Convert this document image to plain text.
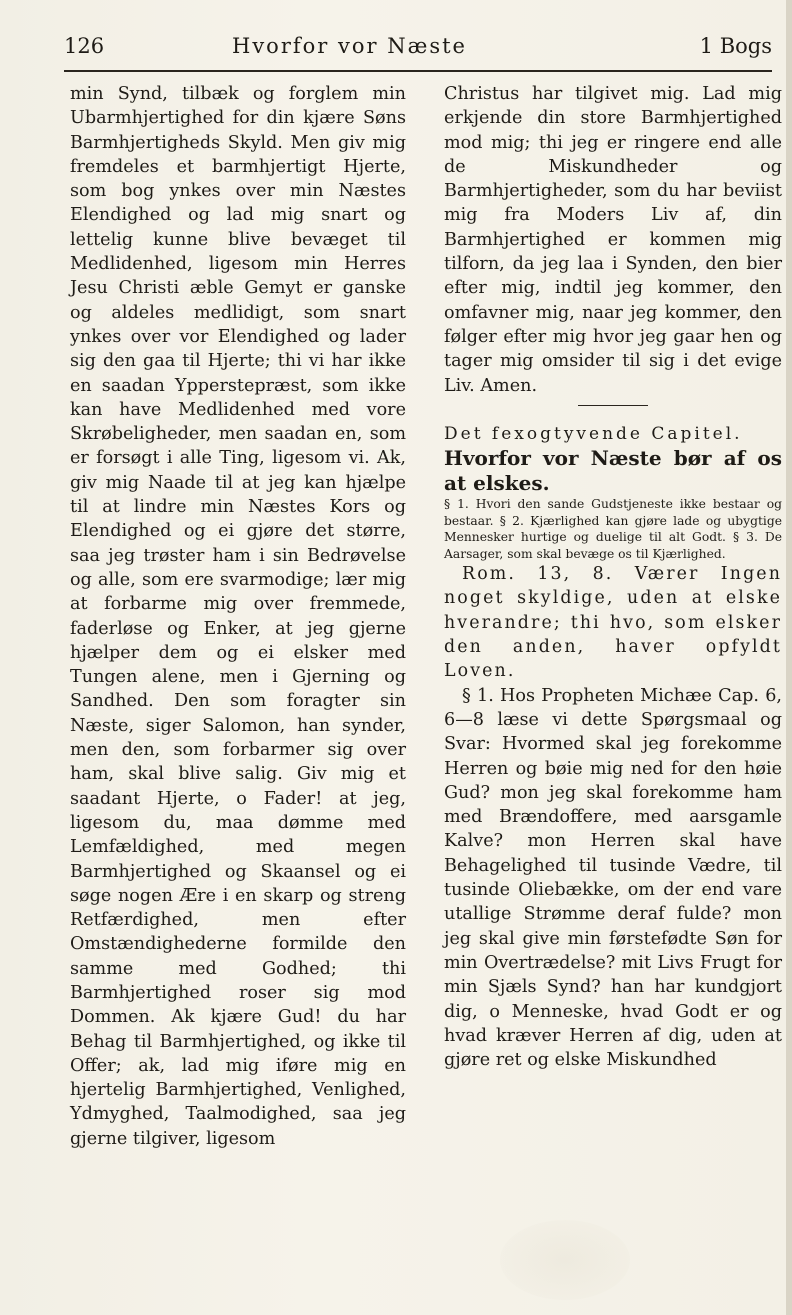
126	Hvorfor vor Næste	1 Bogs

min Synd, tilbæk og forglem min Ubarmhjertighed for din kjære Søns Barmhjertigheds Skyld. Men giv mig fremdeles et barmhjertigt Hjerte, som bog ynkes over min Næstes Elendighed og lad mig snart og lettelig kunne blive bevæget til Medlidenhed, ligesom min Herres Jesu Christi æble Gemyt er ganske og aldeles medlidigt, som snart ynkes over vor Elendighed og lader sig den gaa til Hjerte; thi vi har ikke en saadan Ypperstepræst, som ikke kan have Medlidenhed med vore Skrøbeligheder, men saadan en, som er forsøgt i alle Ting, ligesom vi. Ak, giv mig Naade til at jeg kan hjælpe til at lindre min Næstes Kors og Elendighed og ei gjøre det større, saa jeg trøster ham i sin Bedrøvelse og alle, som ere svarmodige; lær mig at forbarme mig over fremmede, faderløse og Enker, at jeg gjerne hjælper dem og ei elsker med Tungen alene, men i Gjerning og Sandhed. Den som foragter sin Næste, siger Salomon, han synder, men den, som forbarmer sig over ham, skal blive salig. Giv mig et saadant Hjerte, o Fader! at jeg, ligesom du, maa dømme med Lemfældighed, med megen Barmhjertighed og Skaansel og ei søge nogen Ære i en skarp og streng Retfærdighed, men efter Omstændighederne formilde den samme med Godhed; thi Barmhjertighed roser sig mod Dommen. Ak kjære Gud! du har Behag til Barmhjertighed, og ikke til Offer; ak, lad mig iføre mig en hjertelig Barmhjertighed, Venlighed, Ydmyghed, Taalmodighed, saa jeg gjerne tilgiver, ligesom

Christus har tilgivet mig. Lad mig erkjende din store Barmhjertighed mod mig; thi jeg er ringere end alle de Miskundheder og Barmhjertigheder, som du har beviist mig fra Moders Liv af, din Barmhjertighed er kommen mig tilforn, da jeg laa i Synden, den bier efter mig, indtil jeg kommer, den omfavner mig, naar jeg kommer, den følger efter mig hvor jeg gaar hen og tager mig omsider til sig i det evige Liv. Amen.

Det fexogtyvende Capitel.

Hvorfor vor Næste bør af os at elskes.

§ 1. Hvori den sande Gudstjeneste ikke bestaar og bestaar. § 2. Kjærlighed kan gjøre lade og ubygtige Mennesker hurtige og duelige til alt Godt. § 3. De Aarsager, som skal bevæge os til Kjærlighed.

Rom. 13, 8. Værer Ingen noget skyldige, uden at elske hverandre; thi hvo, som elsker den anden, haver opfyldt Loven.

§ 1. Hos Propheten Michæe Cap. 6, 6—8 læse vi dette Spørgsmaal og Svar: Hvormed skal jeg forekomme Herren og bøie mig ned for den høie Gud? mon jeg skal forekomme ham med Brændoffere, med aarsgamle Kalve? mon Herren skal have Behagelighed til tusinde Vædre, til tusinde Oliebække, om der end vare utallige Strømme deraf fulde? mon jeg skal give min førstefødte Søn for min Overtrædelse? mit Livs Frugt for min Sjæls Synd? han har kundgjort dig, o Menneske, hvad Godt er og hvad kræver Herren af dig, uden at gjøre ret og elske Miskundhed
